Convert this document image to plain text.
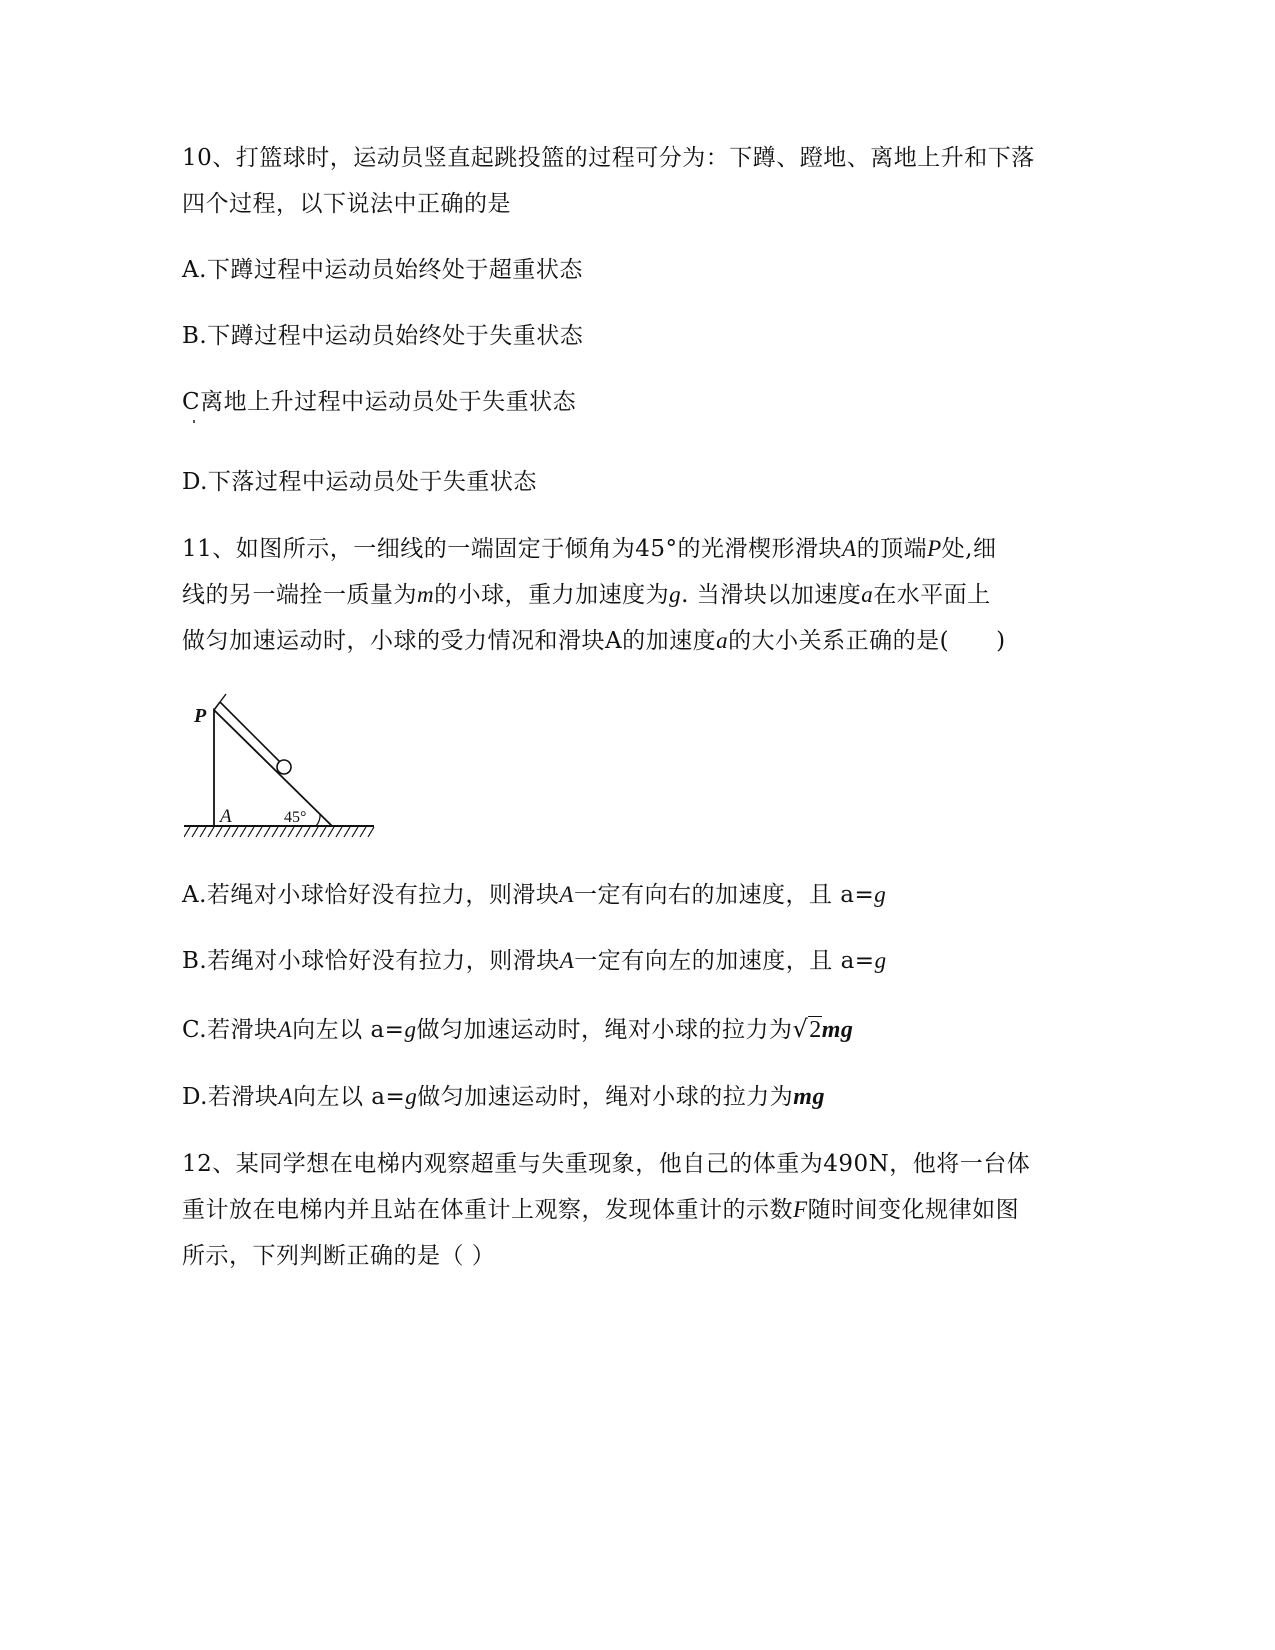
10、打篮球时，运动员竖直起跳投篮的过程可分为：下蹲、蹬地、离地上升和下落
四个过程，以下说法中正确的是
A.下蹲过程中运动员始终处于超重状态
B.下蹲过程中运动员始终处于失重状态
C离地上升过程中运动员处于失重状态
D.下落过程中运动员处于失重状态
11、如图所示，一细线的一端固定于倾角为45°的光滑楔形滑块A的顶端P处,细
线的另一端拴一质量为m的小球，重力加速度为g. 当滑块以加速度a在水平面上
做匀加速运动时，小球的受力情况和滑块A的加速度a的大小关系正确的是(　　)
P
A	45°
A.若绳对小球恰好没有拉力，则滑块A一定有向右的加速度，且 a=g
B.若绳对小球恰好没有拉力，则滑块A一定有向左的加速度，且 a=g
C.若滑块A向左以 a=g做匀加速运动时，绳对小球的拉力为√2mg
D.若滑块A向左以 a=g做匀加速运动时，绳对小球的拉力为mg
12、某同学想在电梯内观察超重与失重现象，他自己的体重为490N，他将一台体
重计放在电梯内并且站在体重计上观察，发现体重计的示数F随时间变化规律如图
所示，下列判断正确的是（ ）
